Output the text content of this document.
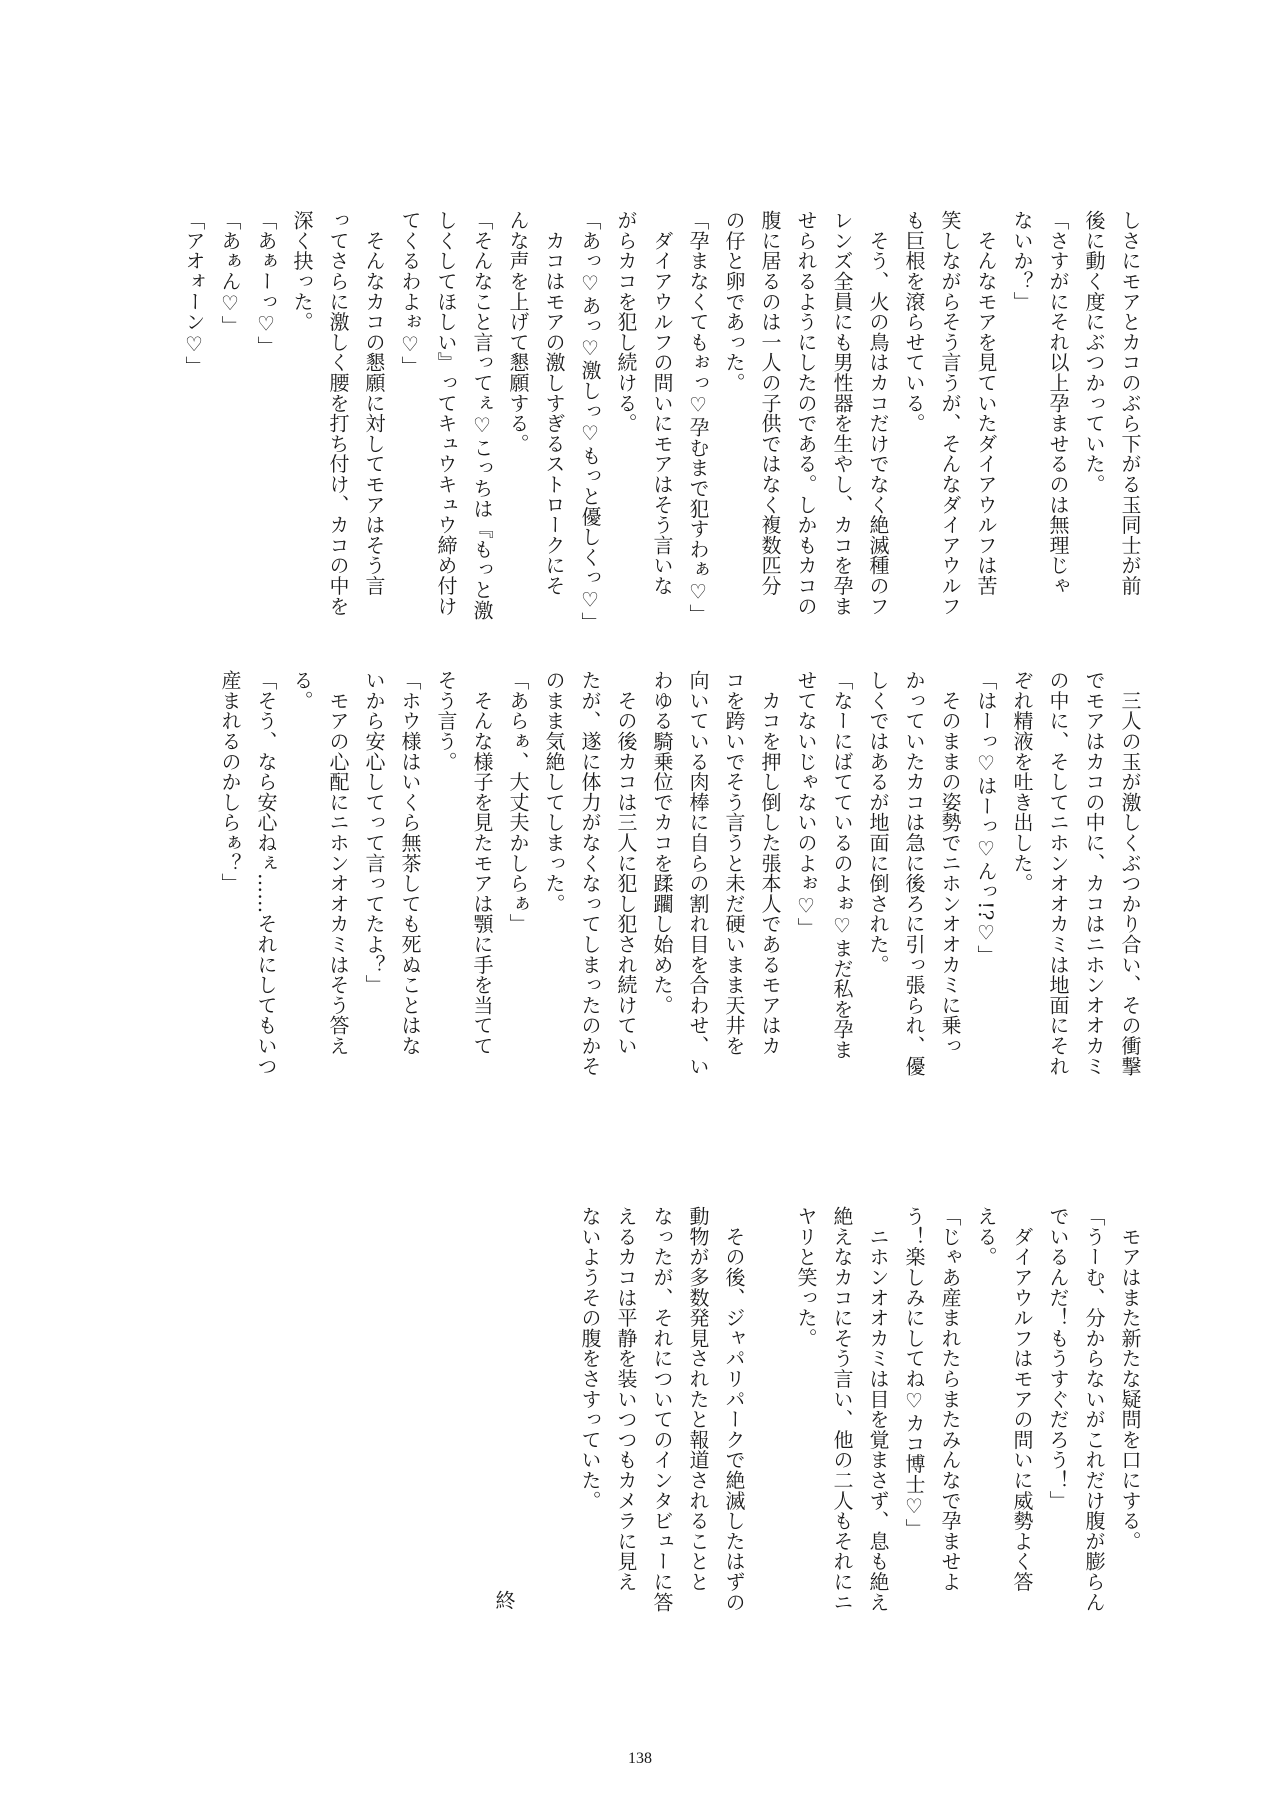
しさにモアとカコのぶら下がる玉同士が前
後に動く度にぶつかっていた。
「さすがにそれ以上孕ませるのは無理じゃ
ないか？」
　そんなモアを見ていたダイアウルフは苦
笑しながらそう言うが、そんなダイアウルフ
も巨根を滾らせている。
　そう、火の鳥はカコだけでなく絶滅種のフ
レンズ全員にも男性器を生やし、カコを孕ま
せられるようにしたのである。しかもカコの
腹に居るのは一人の子供ではなく複数匹分
の仔と卵であった。
「孕まなくてもぉっ♡孕むまで犯すわぁ♡」
　ダイアウルフの問いにモアはそう言いな
がらカコを犯し続ける。
「あっ♡あっ♡激しっ♡もっと優しくっ♡」
　カコはモアの激しすぎるストロークにそ
んな声を上げて懇願する。
「そんなこと言ってぇ♡こっちは『もっと激
しくしてほしい』ってキュウキュウ締め付け
てくるわよぉ♡」
　そんなカコの懇願に対してモアはそう言
ってさらに激しく腰を打ち付け、カコの中を
深く抉った。
「あぁーっ♡」
「あぁん♡」
「アオォーン♡」
　三人の玉が激しくぶつかり合い、その衝撃
でモアはカコの中に、カコはニホンオオカミ
の中に、そしてニホンオオカミは地面にそれ
ぞれ精液を吐き出した。
「はーっ♡はーっ♡んっ!?♡」
　そのままの姿勢でニホンオオカミに乗っ
かっていたカコは急に後ろに引っ張られ、優
しくではあるが地面に倒された。
「なーにばてているのよぉ♡まだ私を孕ま
せてないじゃないのよぉ♡」
　カコを押し倒した張本人であるモアはカ
コを跨いでそう言うと未だ硬いまま天井を
向いている肉棒に自らの割れ目を合わせ、い
わゆる騎乗位でカコを蹂躙し始めた。
　その後カコは三人に犯し犯され続けてい
たが、遂に体力がなくなってしまったのかそ
のまま気絶してしまった。
「あらぁ、大丈夫かしらぁ」
　そんな様子を見たモアは顎に手を当てて
そう言う。
「ホウ様はいくら無茶しても死ぬことはな
いから安心してって言ってたよ？」
　モアの心配にニホンオオカミはそう答え
る。
「そう、なら安心ねぇ……それにしてもいつ
産まれるのかしらぁ？」
　モアはまた新たな疑問を口にする。
「うーむ、分からないがこれだけ腹が膨らん
でいるんだ！もうすぐだろう！」
　ダイアウルフはモアの問いに威勢よく答
える。
「じゃあ産まれたらまたみんなで孕ませよ
う！楽しみにしてね♡カコ博士♡」
　ニホンオオカミは目を覚まさず、息も絶え
絶えなカコにそう言い、他の二人もそれにニ
ヤリと笑った。
　その後、ジャパリパークで絶滅したはずの
動物が多数発見されたと報道されることと
なったが、それについてのインタビューに答
えるカコは平静を装いつつもカメラに見え
ないようその腹をさすっていた。
終
138
